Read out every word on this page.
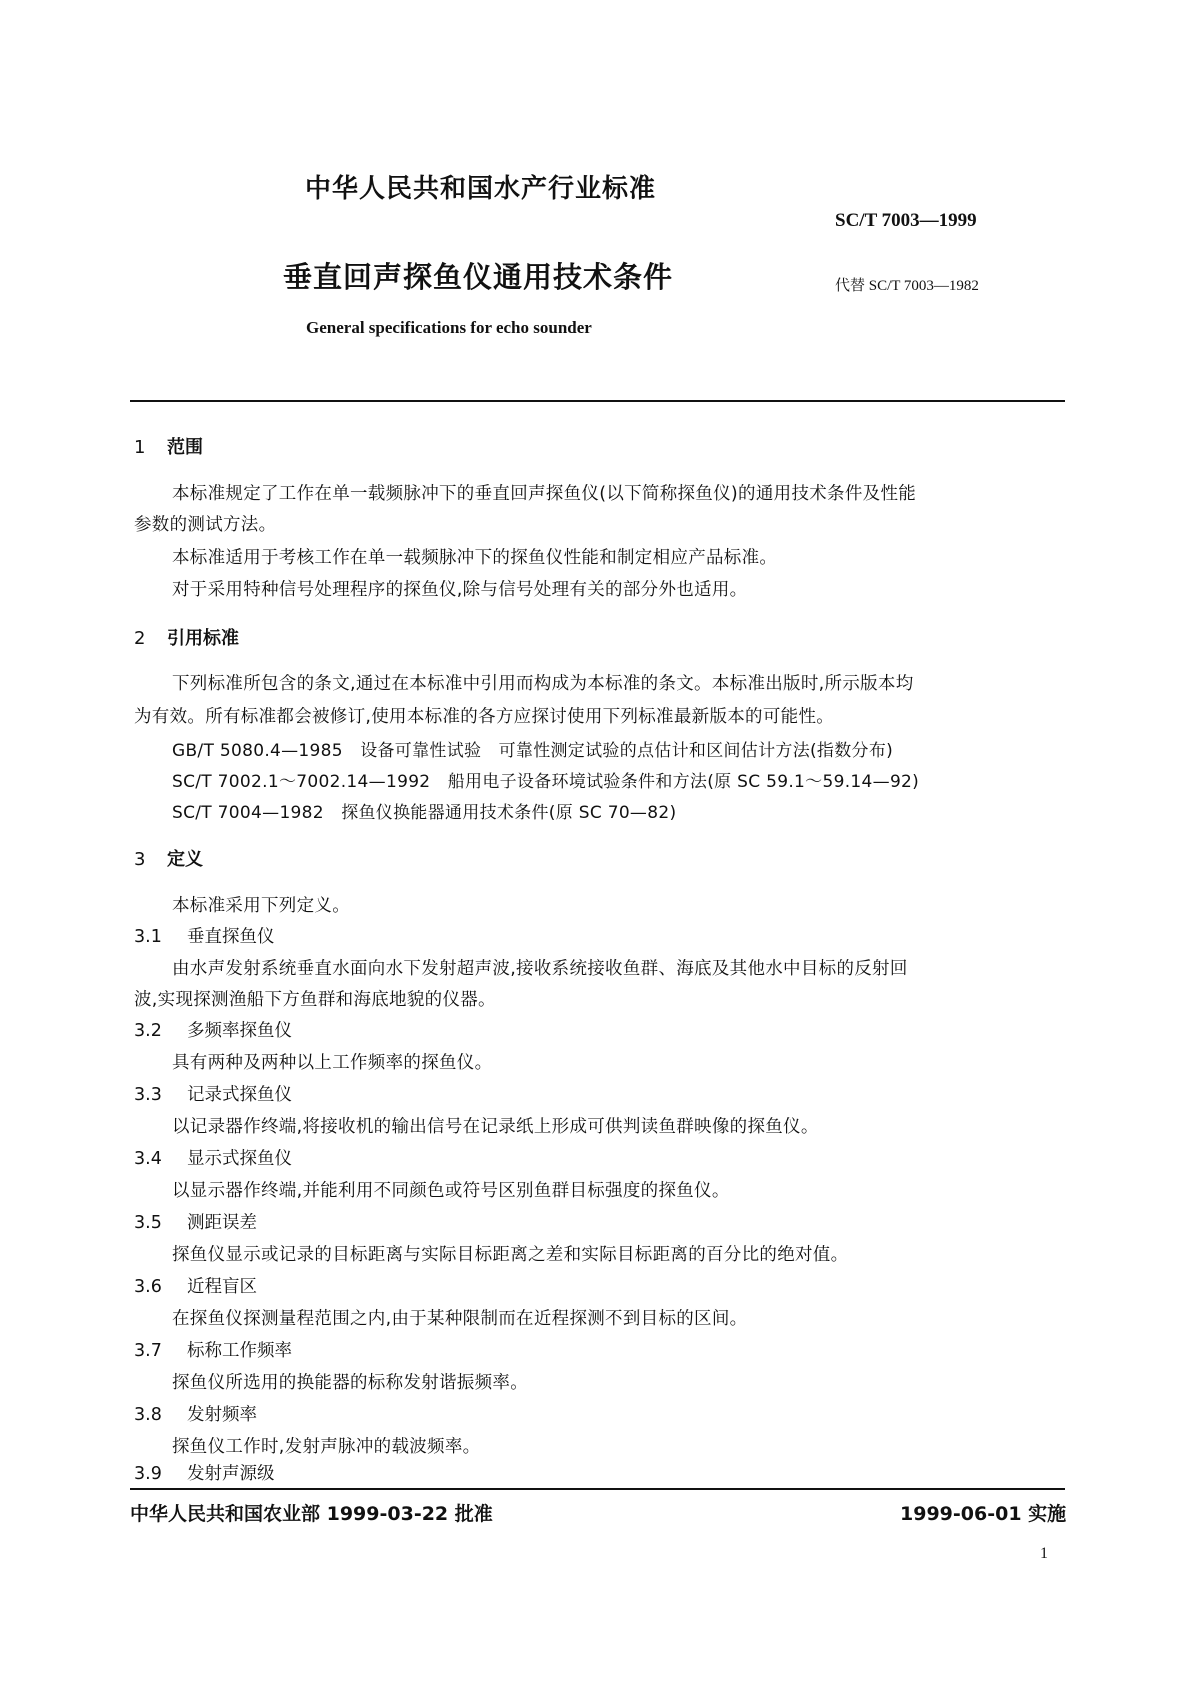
中华人民共和国水产行业标准
SC/T 7003—1999
垂直回声探鱼仪通用技术条件	代替 SC/T 7003—1982
General specifications for echo sounder
1 范围
本标准规定了工作在单一载频脉冲下的垂直回声探鱼仪(以下简称探鱼仪)的通用技术条件及性能
参数的测试方法。
本标准适用于考核工作在单一载频脉冲下的探鱼仪性能和制定相应产品标准。
对于采用特种信号处理程序的探鱼仪,除与信号处理有关的部分外也适用。
2 引用标准
下列标准所包含的条文,通过在本标准中引用而构成为本标准的条文。本标准出版时,所示版本均
为有效。所有标准都会被修订,使用本标准的各方应探讨使用下列标准最新版本的可能性。
GB/T 5080.4—1985　设备可靠性试验　可靠性测定试验的点估计和区间估计方法(指数分布)
SC/T 7002.1～7002.14—1992　船用电子设备环境试验条件和方法(原 SC 59.1～59.14—92)
SC/T 7004—1982　探鱼仪换能器通用技术条件(原 SC 70—82)
3 定义
本标准采用下列定义。
3.1 垂直探鱼仪
由水声发射系统垂直水面向水下发射超声波,接收系统接收鱼群、海底及其他水中目标的反射回
波,实现探测渔船下方鱼群和海底地貌的仪器。
3.2 多频率探鱼仪
具有两种及两种以上工作频率的探鱼仪。
3.3 记录式探鱼仪
以记录器作终端,将接收机的输出信号在记录纸上形成可供判读鱼群映像的探鱼仪。
3.4 显示式探鱼仪
以显示器作终端,并能利用不同颜色或符号区别鱼群目标强度的探鱼仪。
3.5 测距误差
探鱼仪显示或记录的目标距离与实际目标距离之差和实际目标距离的百分比的绝对值。
3.6 近程盲区
在探鱼仪探测量程范围之内,由于某种限制而在近程探测不到目标的区间。
3.7 标称工作频率
探鱼仪所选用的换能器的标称发射谐振频率。
3.8 发射频率
探鱼仪工作时,发射声脉冲的载波频率。
3.9 发射声源级
中华人民共和国农业部 1999-03-22 批准	1999-06-01 实施
1
